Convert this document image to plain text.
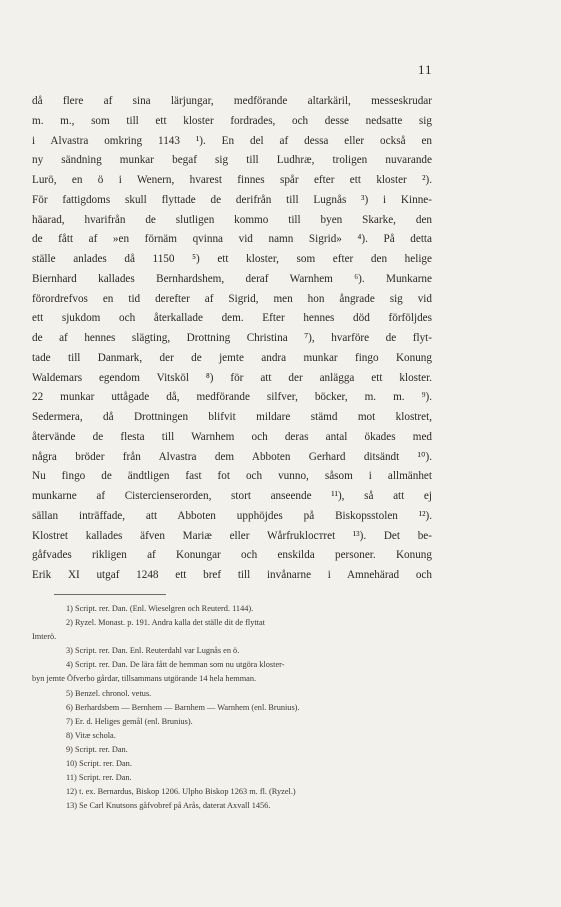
11
då flere af sina lärjungar, medförande altarkäril, messeskrudar
m. m., som till ett kloster fordrades, och desse nedsatte sig
i Alvastra omkring 1143 ¹). En del af dessa eller också en
ny sändning munkar begaf sig till Ludhræ, troligen nuvarande
Lurö, en ö i Wenern, hvarest finnes spår efter ett kloster ²).
För fattigdoms skull flyttade de derifrån till Lugnås ³) i Kinne-
häarad, hvarifrån de slutligen kommo till byen Skarke, den
de fått af »en förnäm qvinna vid namn Sigrid» ⁴). På detta
ställe anlades då 1150 ⁵) ett kloster, som efter den helige
Biernhard kallades Bernhardshem, deraf Warnhem ⁶). Munkarne
förordrefvos en tid derefter af Sigrid, men hon ångrade sig vid
ett sjukdom och återkallade dem. Efter hennes död förföljdes
de af hennes slägting, Drottning Christina ⁷), hvarföre de flyt-
tade till Danmark, der de jemte andra munkar fingo Konung
Waldemars egendom Vitsköl ⁸) för att der anlägga ett kloster.
22 munkar uttågade då, medförande silfver, böcker, m. m. ⁹).
Sedermera, då Drottningen blifvit mildare stämd mot klostret,
återvände de flesta till Warnhem och deras antal ökades med
några bröder från Alvastra dem Abboten Gerhard ditsändt ¹⁰).
Nu fingo de ändtligen fast fot och vunno, såsom i allmänhet
munkarne af Cistercienserorden, stort anseende ¹¹), så att ej
sällan inträffade, att Abboten upphöjdes på Biskopsstolen ¹²).
Klostret kallades äfven Mariæ eller Wårfrukloстret ¹³). Det be-
gåfvades rikligen af Konungar och enskilda personer. Konung
Erik XI utgaf 1248 ett bref till invånarne i Amnehärad och
1) Script. rer. Dan. (Enl. Wieselgren och Reuterd. 1144).
2) Ryzel. Monast. p. 191. Andra kalla det ställe dit de flyttat
Imterö.
3) Script. rer. Dan. Enl. Reuterdahl var Lugnås en ö.
4) Script. rer. Dan. De lära fått de hemman som nu utgöra kloster-
byn jemte Öfverbo gårdar, tillsammans utgörande 14 hela hemman.
5) Benzel. chronol. vetus.
6) Berhardsbem — Bernhem — Barnhem — Warnhem (enl. Brunius).
7) Er. d. Heliges gemål (enl. Brunius).
8) Vitæ schola.
9) Script. rer. Dan.
10) Script. rer. Dan.
11) Script. rer. Dan.
12) t. ex. Bernardus, Biskop 1206. Ulpho Biskop 1263 m. fl. (Ryzel.)
13) Se Carl Knutsons gåfvobref på Arås, daterat Axvall 1456.
